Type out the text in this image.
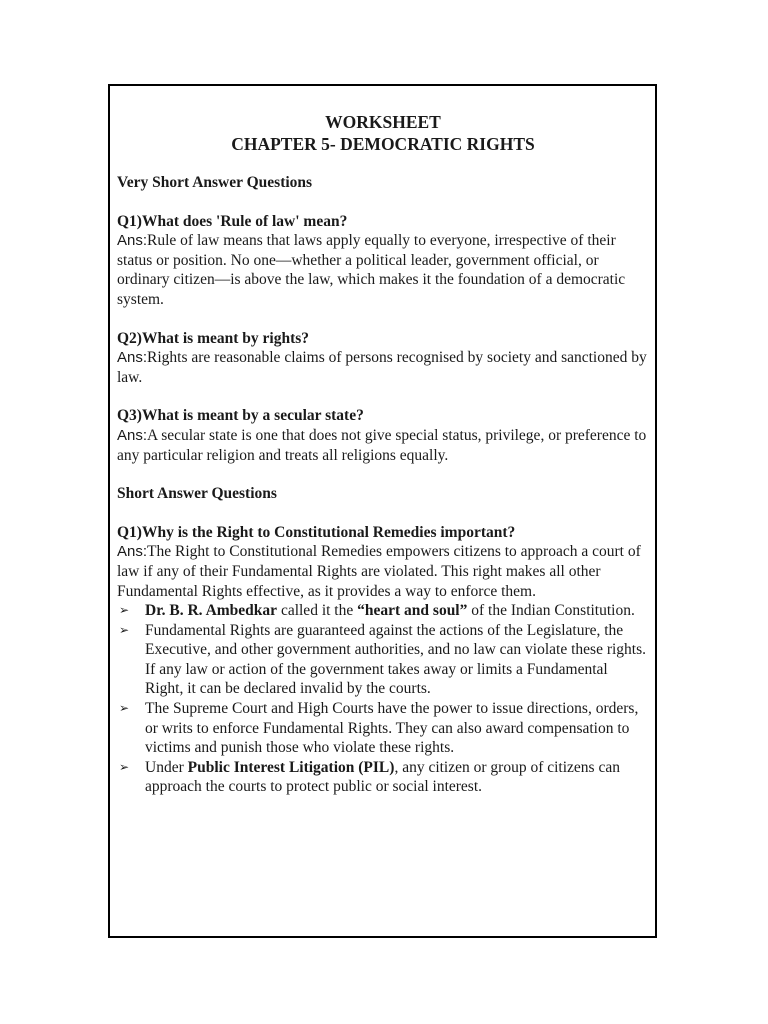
WORKSHEET

CHAPTER 5- DEMOCRATIC RIGHTS

Very Short Answer Questions

Q1)What does 'Rule of law' mean?

Ans:Rule of law means that laws apply equally to everyone, irrespective of their status or position. No one—whether a political leader, government official, or ordinary citizen—is above the law, which makes it the foundation of a democratic system.

Q2)What is meant by rights?

Ans:Rights are reasonable claims of persons recognised by society and sanctioned by law.

Q3)What is meant by a secular state?

Ans:A secular state is one that does not give special status, privilege, or preference to any particular religion and treats all religions equally.

Short Answer Questions

Q1)Why is the Right to Constitutional Remedies important?

Ans:The Right to Constitutional Remedies empowers citizens to approach a court of law if any of their Fundamental Rights are violated. This right makes all other Fundamental Rights effective, as it provides a way to enforce them.

➢ Dr. B. R. Ambedkar called it the “heart and soul” of the Indian Constitution.
➢ Fundamental Rights are guaranteed against the actions of the Legislature, the Executive, and other government authorities, and no law can violate these rights. If any law or action of the government takes away or limits a Fundamental Right, it can be declared invalid by the courts.
➢ The Supreme Court and High Courts have the power to issue directions, orders, or writs to enforce Fundamental Rights. They can also award compensation to victims and punish those who violate these rights.
➢ Under Public Interest Litigation (PIL), any citizen or group of citizens can approach the courts to protect public or social interest.
